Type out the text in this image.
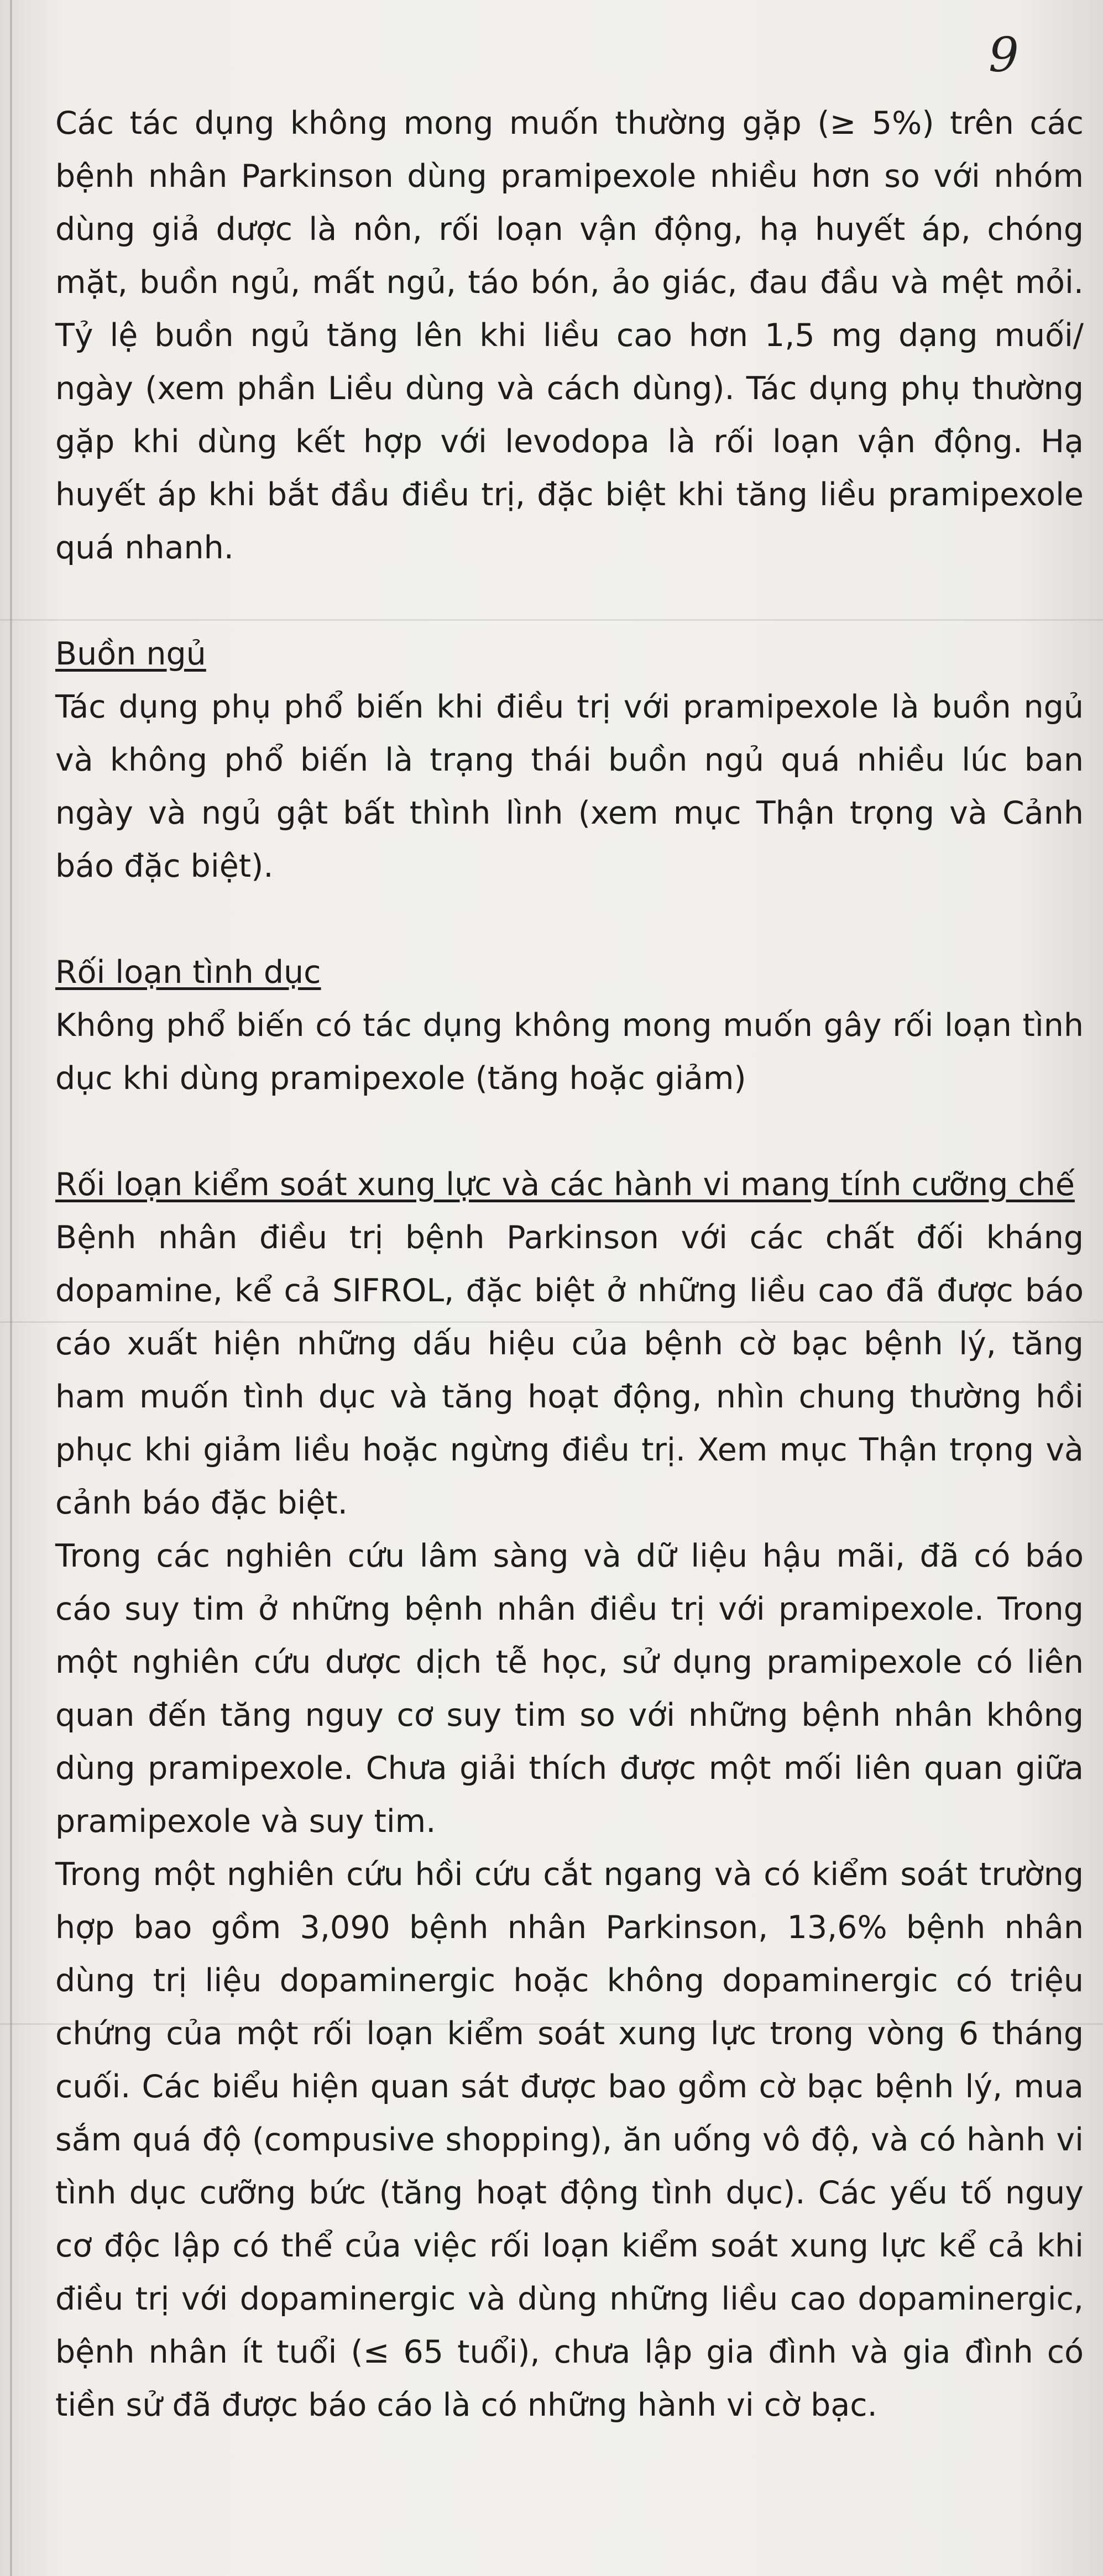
9

Các tác dụng không mong muốn thường gặp (≥ 5%) trên các bệnh nhân Parkinson dùng pramipexole nhiều hơn so với nhóm dùng giả dược là nôn, rối loạn vận động, hạ huyết áp, chóng mặt, buồn ngủ, mất ngủ, táo bón, ảo giác, đau đầu và mệt mỏi. Tỷ lệ buồn ngủ tăng lên khi liều cao hơn 1,5 mg dạng muối/ ngày (xem phần Liều dùng và cách dùng). Tác dụng phụ thường gặp khi dùng kết hợp với levodopa là rối loạn vận động. Hạ huyết áp khi bắt đầu điều trị, đặc biệt khi tăng liều pramipexole quá nhanh.

Buồn ngủ

Tác dụng phụ phổ biến khi điều trị với pramipexole là buồn ngủ và không phổ biến là trạng thái buồn ngủ quá nhiều lúc ban ngày và ngủ gật bất thình lình (xem mục Thận trọng và Cảnh báo đặc biệt).

Rối loạn tình dục

Không phổ biến có tác dụng không mong muốn gây rối loạn tình dục khi dùng pramipexole (tăng hoặc giảm)

Rối loạn kiểm soát xung lực và các hành vi mang tính cưỡng chế

Bệnh nhân điều trị bệnh Parkinson với các chất đối kháng dopamine, kể cả SIFROL, đặc biệt ở những liều cao đã được báo cáo xuất hiện những dấu hiệu của bệnh cờ bạc bệnh lý, tăng ham muốn tình dục và tăng hoạt động, nhìn chung thường hồi phục khi giảm liều hoặc ngừng điều trị. Xem mục Thận trọng và cảnh báo đặc biệt.

Trong các nghiên cứu lâm sàng và dữ liệu hậu mãi, đã có báo cáo suy tim ở những bệnh nhân điều trị với pramipexole. Trong một nghiên cứu dược dịch tễ học, sử dụng pramipexole có liên quan đến tăng nguy cơ suy tim so với những bệnh nhân không dùng pramipexole. Chưa giải thích được một mối liên quan giữa pramipexole và suy tim.

Trong một nghiên cứu hồi cứu cắt ngang và có kiểm soát trường hợp bao gồm 3,090 bệnh nhân Parkinson, 13,6% bệnh nhân dùng trị liệu dopaminergic hoặc không dopaminergic có triệu chứng của một rối loạn kiểm soát xung lực trong vòng 6 tháng cuối. Các biểu hiện quan sát được bao gồm cờ bạc bệnh lý, mua sắm quá độ (compusive shopping), ăn uống vô độ, và có hành vi tình dục cưỡng bức (tăng hoạt động tình dục). Các yếu tố nguy cơ độc lập có thể của việc rối loạn kiểm soát xung lực kể cả khi điều trị với dopaminergic và dùng những liều cao dopaminergic, bệnh nhân ít tuổi (≤ 65 tuổi), chưa lập gia đình và gia đình có tiền sử đã được báo cáo là có những hành vi cờ bạc.
